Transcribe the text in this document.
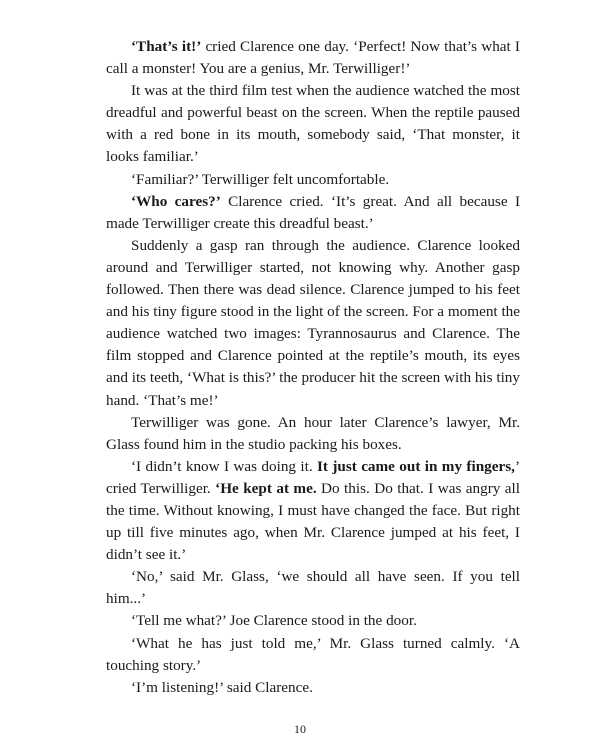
‘That’s it!’ cried Clarence one day. ‘Perfect! Now that’s what I call a monster! You are a genius, Mr. Terwilliger!’

It was at the third film test when the audience watched the most dreadful and powerful beast on the screen. When the reptile paused with a red bone in its mouth, somebody said, ‘That monster, it looks familiar.’

‘Familiar?’ Terwilliger felt uncomfortable.

‘Who cares?’ Clarence cried. ‘It’s great. And all because I made Terwilliger create this dreadful beast.’

Suddenly a gasp ran through the audience. Clarence looked around and Terwilliger started, not knowing why. Another gasp followed. Then there was dead silence. Clarence jumped to his feet and his tiny figure stood in the light of the screen. For a moment the audience watched two images: Tyrannosaurus and Clarence. The film stopped and Clarence pointed at the reptile’s mouth, its eyes and its teeth, ‘What is this?’ the producer hit the screen with his tiny hand. ‘That’s me!’

Terwilliger was gone. An hour later Clarence’s lawyer, Mr. Glass found him in the studio packing his boxes.

‘I didn’t know I was doing it. It just came out in my fingers,’ cried Terwilliger. ‘He kept at me. Do this. Do that. I was angry all the time. Without knowing, I must have changed the face. But right up till five minutes ago, when Mr. Clarence jumped at his feet, I didn’t see it.’

‘No,’ said Mr. Glass, ‘we should all have seen. If you tell him...’

‘Tell me what?’ Joe Clarence stood in the door.

‘What he has just told me,’ Mr. Glass turned calmly. ‘A touching story.’

‘I’m listening!’ said Clarence.

10
